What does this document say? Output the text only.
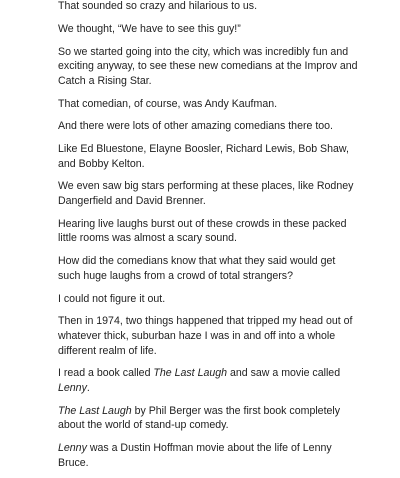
That sounded so crazy and hilarious to us.

We thought, “We have to see this guy!”

So we started going into the city, which was incredibly fun and exciting anyway, to see these new comedians at the Improv and Catch a Rising Star.

That comedian, of course, was Andy Kaufman.

And there were lots of other amazing comedians there too.

Like Ed Bluestone, Elayne Boosler, Richard Lewis, Bob Shaw, and Bobby Kelton.

We even saw big stars performing at these places, like Rodney Dangerfield and David Brenner.

Hearing live laughs burst out of these crowds in these packed little rooms was almost a scary sound.

How did the comedians know that what they said would get such huge laughs from a crowd of total strangers?

I could not figure it out.

Then in 1974, two things happened that tripped my head out of whatever thick, suburban haze I was in and off into a whole different realm of life.

I read a book called The Last Laugh and saw a movie called Lenny.

The Last Laugh by Phil Berger was the first book completely about the world of stand-up comedy.

Lenny was a Dustin Hoffman movie about the life of Lenny Bruce.
